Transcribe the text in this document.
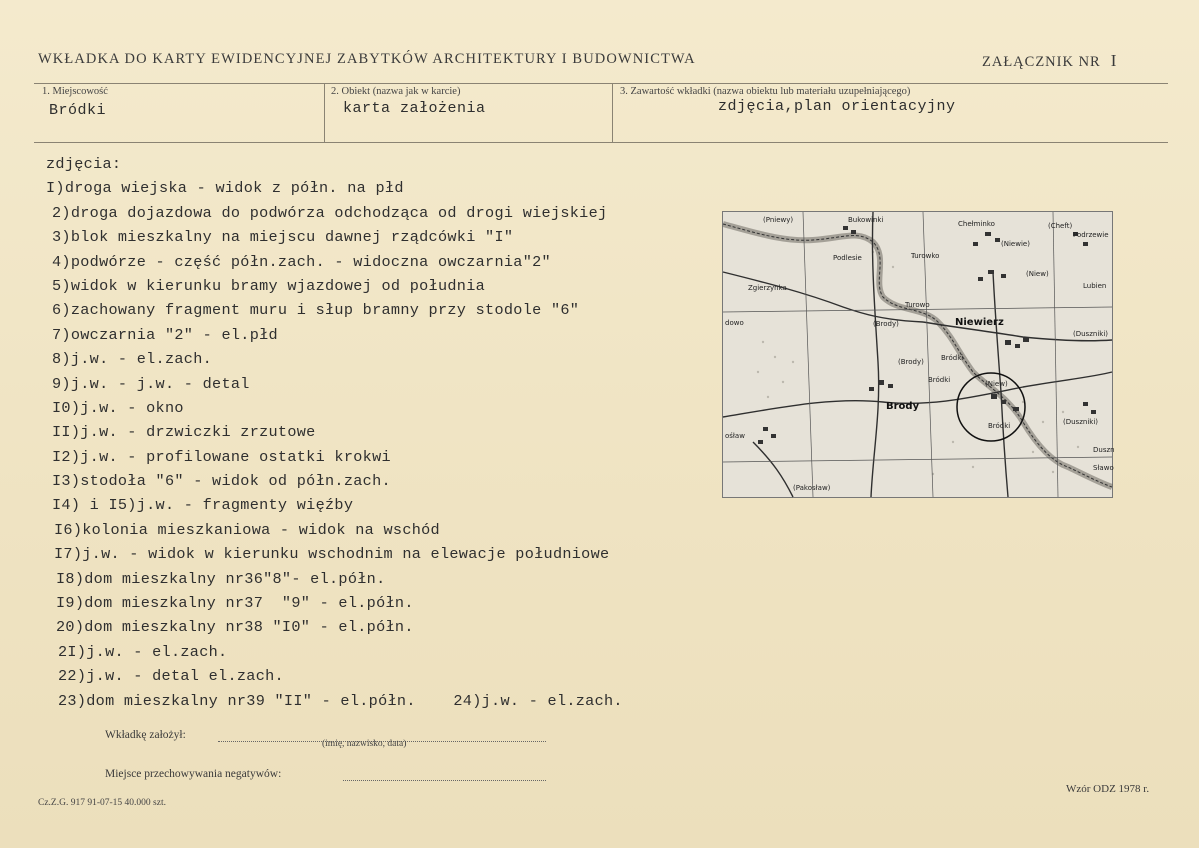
WKŁADKA DO KARTY EWIDENCYJNEJ ZABYTKÓW ARCHITEKTURY I BUDOWNICTWA	ZAŁĄCZNIK NR I
1. Miejscowość
Bródki
2. Obiekt (nazwa jak w karcie)
karta założenia
3. Zawartość wkładki (nazwa obiektu lub materiału uzupełniającego)
zdjęcia,plan orientacyjny
zdjęcia:
I)droga wiejska - widok z półn. na płd
2)droga dojazdowa do podwórza odchodząca od drogi wiejskiej
3)blok mieszkalny na miejscu dawnej rządcówki "I"
4)podwórze - część półn.zach. - widoczna owczarnia"2"
5)widok w kierunku bramy wjazdowej od południa
6)zachowany fragment muru i słup bramny przy stodole "6"
7)owczarnia "2" - el.płd
8)j.w. - el.zach.
9)j.w. - j.w. - detal
I0)j.w. - okno
II)j.w. - drzwiczki zrzutowe
I2)j.w. - profilowane ostatki krokwi
I3)stodoła "6" - widok od półn.zach.
I4) i I5)j.w. - fragmenty więźby
I6)kolonia mieszkaniowa - widok na wschód
I7)j.w. - widok w kierunku wschodnim na elewacje południowe
I8)dom mieszkalny nr36"8"- el.półn.
I9)dom mieszkalny nr37  "9" - el.półn.
20)dom mieszkalny nr38 "I0" - el.półn.
2I)j.w. - el.zach.
22)j.w. - detal el.zach.
23)dom mieszkalny nr39 "II" - el.półn.    24)j.w. - el.zach.
(Pniewy)	Bukowinki	Chełminko	(Cheft)
Podrzewie
(Niewie)
Turowko
Podlesie
(Niew)
Lubien
Zgierzynka
Turowo
dowo	(Brody)	Niewierz
(Duszniki)
Bródki
(Brody)
Bródki	(Niew)
Brody
(Duszniki)
Bródki
ośław
Duszn
Sławo
(Pakosław)
Wkładkę założył:
(imię, nazwisko, data)
Miejsce przechowywania negatywów:
Cz.Z.G. 917 91-07-15 40.000 szt.
Wzór ODZ 1978 r.
